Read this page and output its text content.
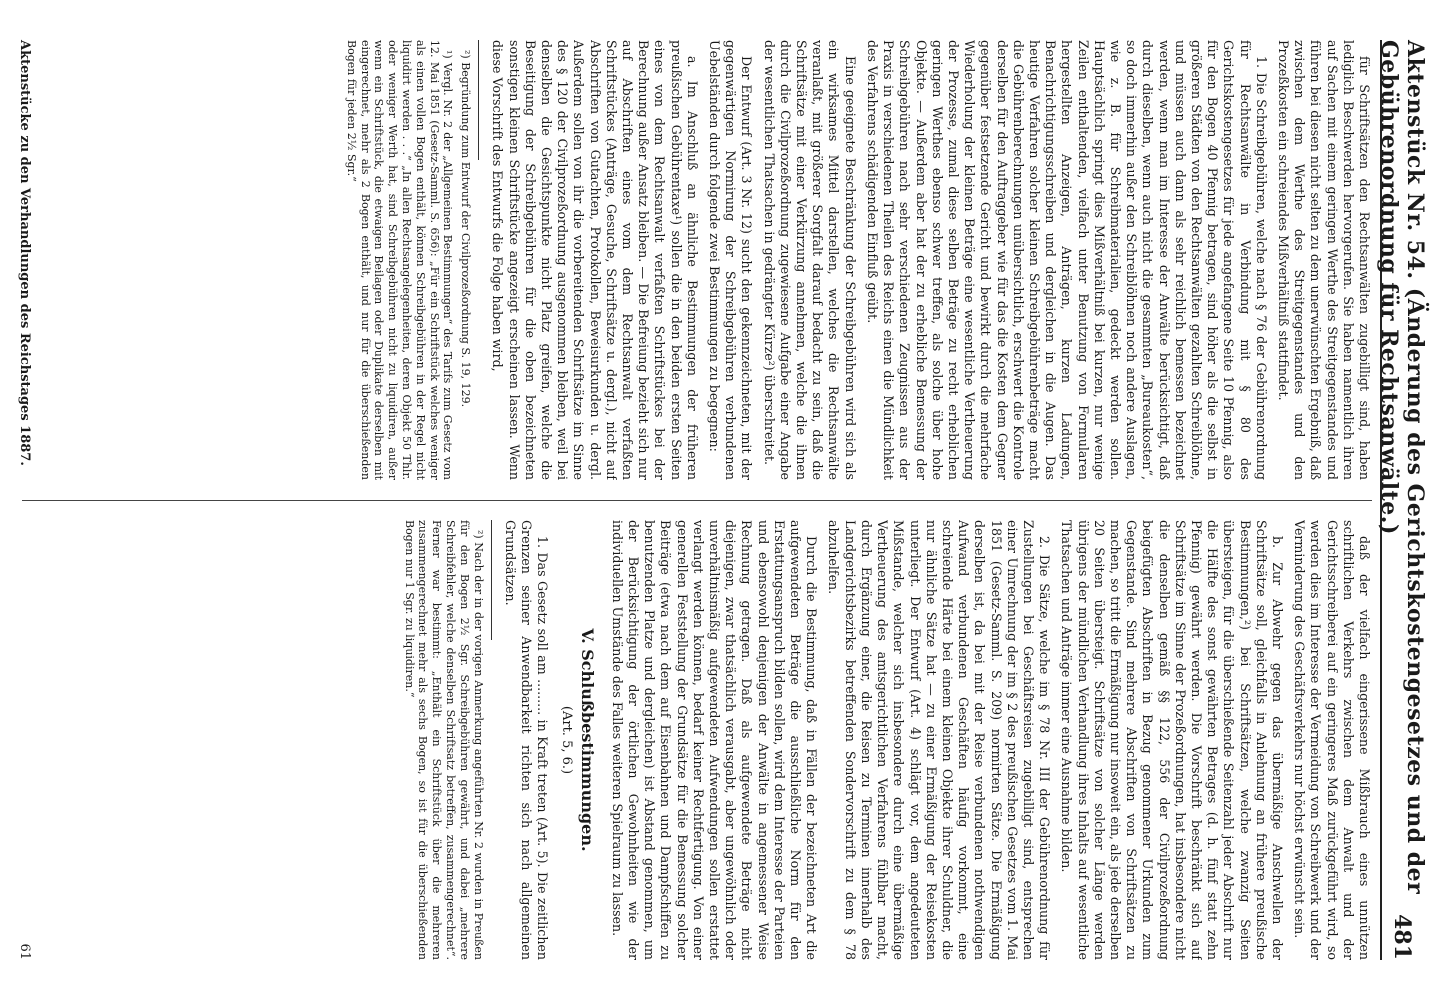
Aktenstück Nr. 54. (Änderung des Gerichtskostengesetzes und der Gebührenordnung für Rechtsanwälte.)
481

für Schriftsätzen den Rechtsanwälten zugebilligt sind, haben lediglich Beschwerden hervorgerufen. Sie haben namentlich ihren auf Sachen mit einem geringen Werthe des Streitgegenstandes und führen bei diesen nicht selten zu dem unerwünschten Ergebniß, daß zwischen dem Werthe des Streitgegenstandes und den Prozeßkosten ein schreiendes Mißverhältniß stattfindet.

1. Die Schreibgebühren, welche nach § 76 der Gebührenordnung für Rechtsanwälte in Verbindung mit § 80 des Gerichtskostengesetzes für jede angefangene Seite 10 Pfennig, also für den Bogen 40 Pfennig betragen, sind höher als die selbst in größeren Städten von den Rechtsanwälten gezahlten Schreiblöhne, und müssen auch dann als sehr reichlich bemessen bezeichnet werden, wenn man im Interesse der Anwälte berücksichtigt, daß durch dieselben, wenn auch nicht die gesammten „Bureaukosten“, so doch immerhin außer den Schreiblöhnen noch andere Auslagen, wie z. B. für Schreibmaterialien, gedeckt werden sollen. Hauptsächlich springt dies Mißverhältniß bei kurzen, nur wenige Zeilen enthaltenden, vielfach unter Benutzung von Formularen hergestellten Anzeigen, Anträgen, kurzen Ladungen, Benachrichtigungsschreiben und dergleichen in die Augen. Das heutige Verfahren solcher kleinen Schreibgebührenbeträge macht die Gebührenberechnungen unübersichtlich, erschwert die Kontrole derselben für den Auftraggeber wie für das die Kosten dem Gegner gegenüber festsetzende Gericht und bewirkt durch die mehrfache Wiederholung der kleinen Beträge eine wesentliche Vertheuerung der Prozesse, zumal diese selben Beträge zu recht erheblichen geringen Werthes ebenso schwer treffen, als solche über hohe Objekte. — Außerdem aber hat der zu erhebliche Bemessung der Schreibgebühren nach sehr verschiedenen Zeugnissen aus der Praxis in verschiedenen Theilen des Reichs einen die Mündlichkeit des Verfahrens schädigenden Einfluß geübt.

Eine geeignete Beschränkung der Schreibgebühren wird sich als ein wirksames Mittel darstellen, welches die Rechtsanwälte veranlaßt, mit größerer Sorgfalt darauf bedacht zu sein, daß die Schriftsätze mit einer Verkürzung annehmen, welche die ihnen durch die Civilprozeßordnung zugewiesene Aufgabe einer Angabe der wesentlichen Thatsachen in gedrängter Kürze²) überschreitet.

Der Entwurf (Art. 3 Nr. 12) sucht den gekennzeichneten, mit der gegenwärtigen Normirung der Schreibgebühren verbundenen Uebelständen durch folgende zwei Bestimmungen zu begegnen:

a. Im Anschluß an ähnliche Bestimmungen der früheren preußischen Gebührentaxe¹) sollen die in den beiden ersten Seiten eines von dem Rechtsanwalt verfaßten Schriftstückes bei der Berechnung außer Ansatz bleiben. — Die Befreiung bezieht sich nur auf Abschriften eines vom dem Rechtsanwalt verfaßten Schriftstückes (Anträge, Gesuche, Schriftsätze u. dergl.), nicht auf Abschriften von Gutachten, Protokollen, Beweisurkunden u. dergl. Außerdem sollen von ihr die vorbereitenden Schriftsätze im Sinne des § 120 der Civilprozeßordnung ausgenommen bleiben, weil bei denselben die Gesichtspunkte nicht Platz greifen, welche die Beseitigung der Schreibgebühren für die oben bezeichneten sonstigen kleinen Schriftstücke angezeigt erscheinen lassen. Wenn diese Vorschrift des Entwurfs die Folge haben wird,

²) Begründung zum Entwurf der Civilprozeßordnung S. 19, 129.

¹) Vergl. Nr. 2 der „Allgemeinen Bestimmungen“ des Tarifs zum Gesetz vom 12. Mai 1851 (Gesetz-Samml. S. 656): „Für ein Schriftstück welches weniger als einen vollen Bogen enthält, können Schreibgebühren in der Regel nicht liquidirt werden . . .“ „In allen Rechtsangelegenheiten, deren Objekt 50 Thlr. oder weniger Werth hat, sind Schreibgebühren nicht zu liquidiren, außer wenn ein Schriftstück, die etwaigen Beilagen oder Duplikate derselben mit eingerechnet, mehr als 2 Bogen enthält, und nur für die überschießenden Bogen für jeden 2½ Sgr.“

daß der vielfach eingerissene Mißbrauch eines unnützen schriftlichen Verkehrs zwischen dem Anwalt und der Gerichtsschreiberei auf ein geringeres Maß zurückgeführt wird, so werden dies im Interesse der Vermeidung von Schreibwerk und der Verminderung des Geschäftsverkehrs nur höchst erwünscht sein.

b. Zur Abwehr gegen das übermäßige Anschwellen der Schriftsätze soll, gleichfalls in Anlehnung an frühere preußische Bestimmungen,²) bei Schriftsätzen, welche zwanzig Seiten übersteigen, für die überschießende Seitenzahl jeder Abschrift nur die Hälfte des sonst gewährten Betrages (d. h. fünf statt zehn Pfennig) gewährt werden. Die Vorschrift beschränkt sich auf Schriftsätze im Sinne der Prozeßordnungen, hat insbesondere nicht die denselben gemäß §§ 122, 556 der Civilprozeßordnung beigefügten Abschriften in Bezug genommener Urkunden zum Gegenstande. Sind mehrere Abschriften von Schriftsätzen zu machen, so tritt die Ermäßigung nur insoweit ein, als jede derselben 20 Seiten übersteigt. Schriftsätze von solcher Länge werden übrigens der mündlichen Verhandlung ihres Inhalts auf wesentliche Thatsachen und Anträge immer eine Ausnahme bilden.

2. Die Sätze, welche im § 78 Nr. III der Gebührenordnung für Zustellungen bei Geschäftsreisen zugebilligt sind, entsprechen einer Umrechnung der im § 2 des preußischen Gesetzes vom 1. Mai 1851 (Gesetz-Samml. S. 209) normirten Sätze. Die Ermäßigung derselben ist, da bei mit der Reise verbundenen nothwendigen Aufwand verbundenen Geschäften häufig vorkommt, eine schreiende Härte bei einem kleinen Objekte ihrer Schuldner, die nur ähnliche Sätze hat — zu einer Ermäßigung der Reisekosten unterliegt. Der Entwurf (Art. 4) schlägt vor, dem angedeuteten Mißstande, welcher sich insbesondere durch eine übermäßige Vertheuerung des amtsgerichtlichen Verfahrens fühlbar macht, durch Ergänzung einer, die Reisen zu Terminen innerhalb des Landgerichtsbezirks betreffenden Sondervorschrift zu dem § 78 abzuhelfen.

Durch die Bestimmung, daß in Fällen der bezeichneten Art die aufgewendeten Beträge die ausschließliche Norm für den Erstattungsanspruch bilden sollen, wird dem Interesse der Parteien und ebensowohl denjenigen der Anwälte in angemessener Weise Rechnung getragen. Daß als aufgewendete Beträge nicht diejenigen, zwar thatsächlich verausgabt, aber ungewöhnlich oder unverhältnismäßig aufgewendeten Aufwendungen sollen erstattet verlangt werden können, bedarf keiner Rechtfertigung. Von einer generellen Feststellung der Grundsätze für die Bemessung solcher Beiträge (etwa nach dem auf Eisenbahnen und Dampfschiffen zu benutzenden Platze und dergleichen) ist Abstand genommen, um der Berücksichtigung der örtlichen Gewohnheiten wie der individuellen Umstände des Falles weiteren Spielraum zu lassen.

V. Schlußbestimmungen.

(Art. 5, 6.)

1. Das Gesetz soll am ......... in Kraft treten (Art. 5). Die zeitlichen Grenzen seiner Anwendbarkeit richten sich nach allgemeinen Grundsätzen.

²) Nach der in der vorigen Anmerkung angeführten Nr. 2 wurden in Preußen für den Bogen 2½ Sgr. Schreibgebühren gewährt, und dabei „mehrere Schreibfehler, welche denselben Schriftsatz betreffen, zusammengerechnet“. Ferner war bestimmt: „Enthält ein Schriftstück über die mehreren zusammengerechnet mehr als sechs Bogen, so ist für die überschießenden Bogen nur 1 Sgr. zu liquidiren.“

Aktenstücke zu den Verhandlungen des Reichstages 1887.
61
